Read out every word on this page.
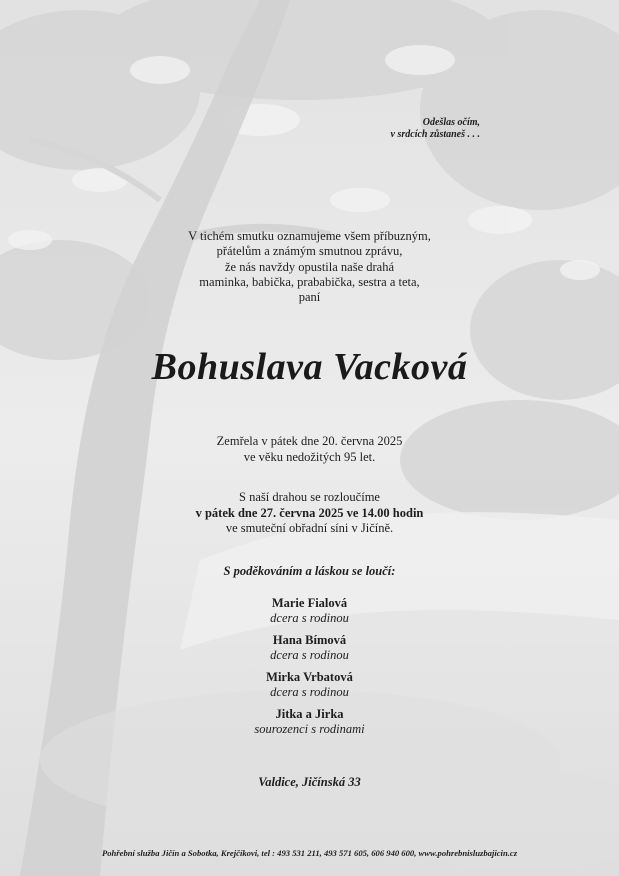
Odešlas očím,
v srdcích zůstaneš . . .
V tichém smutku oznamujeme všem příbuzným,
přátelům a známým smutnou zprávu,
že nás navždy opustila naše drahá
maminka, babička, prababička, sestra a teta,
paní
Bohuslava Vacková
Zemřela v pátek dne 20. června 2025
ve věku nedožitých 95 let.
S naší drahou se rozloučíme
v pátek dne 27. června 2025 ve 14.00 hodin
ve smuteční obřadní síni v Jičíně.
S poděkováním a láskou se loučí:
Marie Fialová
dcera s rodinou
Hana Bímová
dcera s rodinou
Mirka Vrbatová
dcera s rodinou
Jitka a Jirka
sourozenci s rodinami
Valdice, Jičínská 33
Pohřební služba Jičín a Sobotka, Krejčíkovi, tel : 493 531 211, 493 571 605, 606 940 600, www.pohrebnisluzbajicin.cz
